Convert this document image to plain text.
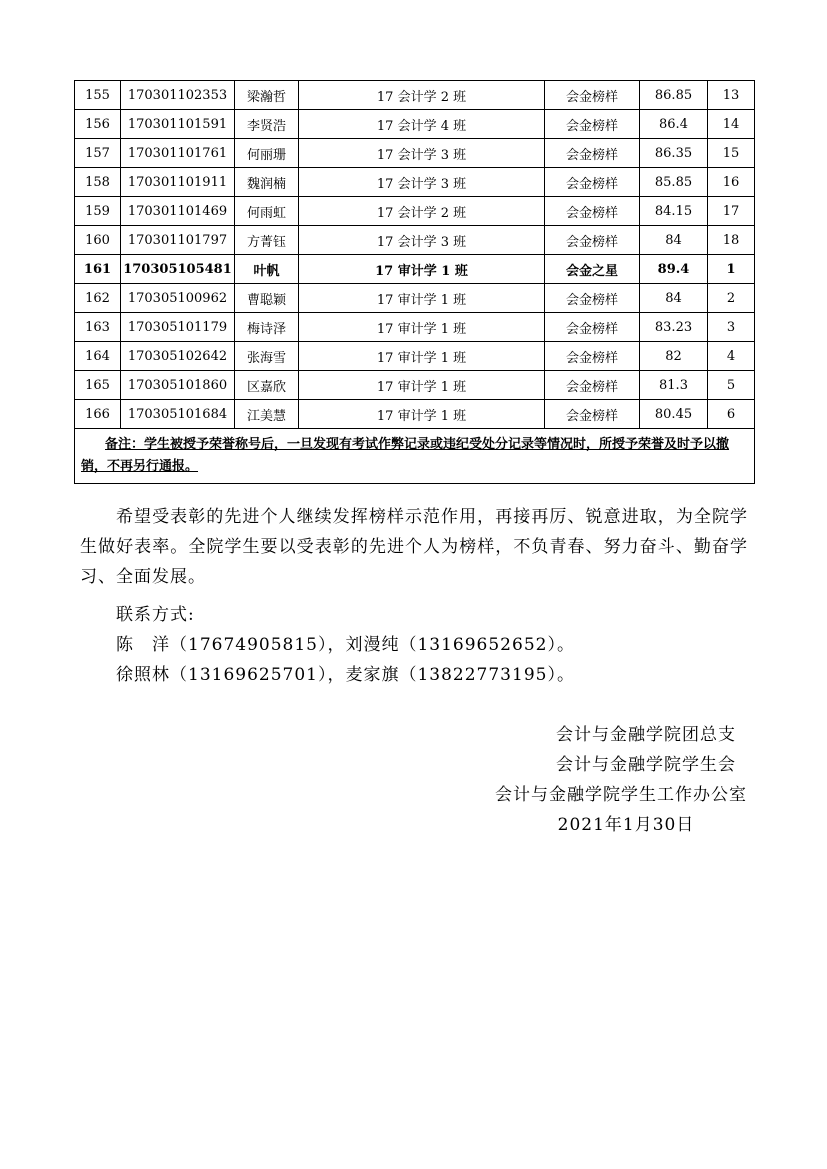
155	170301102353	梁瀚哲	17 会计学 2 班	会金榜样	86.85	13
156	170301101591	李贤浩	17 会计学 4 班	会金榜样	86.4	14
157	170301101761	何丽珊	17 会计学 3 班	会金榜样	86.35	15
158	170301101911	魏润楠	17 会计学 3 班	会金榜样	85.85	16
159	170301101469	何雨虹	17 会计学 2 班	会金榜样	84.15	17
160	170301101797	方菁钰	17 会计学 3 班	会金榜样	84	18
161	170305105481	叶帆	17 审计学 1 班	会金之星	89.4	1
162	170305100962	曹聪颖	17 审计学 1 班	会金榜样	84	2
163	170305101179	梅诗泽	17 审计学 1 班	会金榜样	83.23	3
164	170305102642	张海雪	17 审计学 1 班	会金榜样	82	4
165	170305101860	区嘉欣	17 审计学 1 班	会金榜样	81.3	5
166	170305101684	江美慧	17 审计学 1 班	会金榜样	80.45	6
备注：学生被授予荣誉称号后，一旦发现有考试作弊记录或违纪受处分记录等情况时，所授予荣誉及时予以撤销，不再另行通报。						
希望受表彰的先进个人继续发挥榜样示范作用，再接再厉、锐意进取，为全院学生做好表率。全院学生要以受表彰的先进个人为榜样，不负青春、努力奋斗、勤奋学习、全面发展。
联系方式:
陈　洋（17674905815），刘漫纯（13169652652）。
徐照林（13169625701），麦家旗（13822773195）。
会计与金融学院团总支
会计与金融学院学生会
会计与金融学院学生工作办公室
2021年1月30日
